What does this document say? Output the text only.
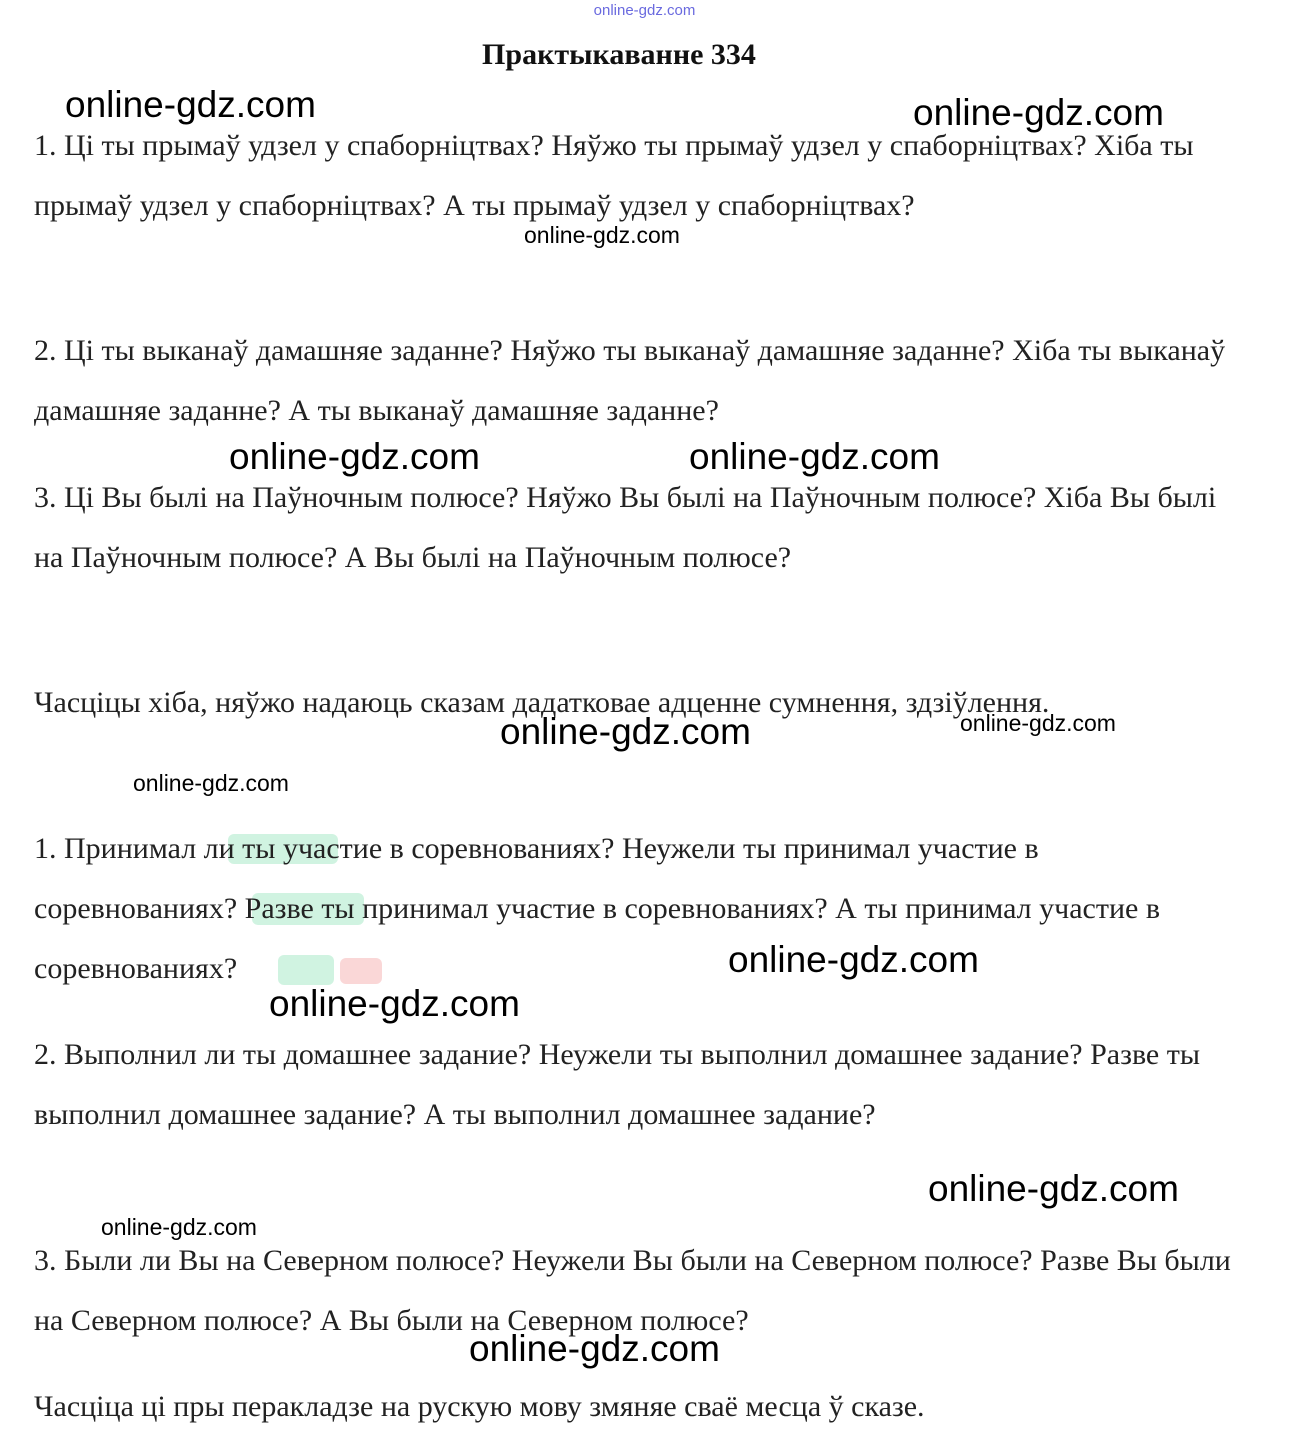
online-gdz.com
Практыкаванне 334
1. Ці ты прымаў удзел у спаборніцтвах? Няўжо ты прымаў удзел у спаборніцтвах? Хіба ты прымаў удзел у спаборніцтвах? А ты прымаў удзел у спаборніцтвах?
2. Ці ты выканаў дамашняе заданне? Няўжо ты выканаў дамашняе заданне? Хіба ты выканаў дамашняе заданне? А ты выканаў дамашняе заданне?
3. Ці Вы былі на Паўночным полюсе? Няўжо Вы былі на Паўночным полюсе? Хіба Вы былі на Паўночным полюсе? А Вы былі на Паўночным полюсе?
Часціцы хіба, няўжо надаюць сказам дадатковае адценне сумнення, здзіўлення.
1. Принимал ли ты участие в соревнованиях? Неужели ты принимал участие в соревнованиях? Разве ты принимал участие в соревнованиях? А ты принимал участие в соревнованиях?
2. Выполнил ли ты домашнее задание? Неужели ты выполнил домашнее задание? Разве ты выполнил домашнее задание? А ты выполнил домашнее задание?
3. Были ли Вы на Северном полюсе? Неужели Вы были на Северном полюсе? Разве Вы были на Северном полюсе? А Вы были на Северном полюсе?
Часціца ці пры перакладзе на рускую мову змяняе сваё месца ў сказе.
online-gdz.com	online-gdz.com
online-gdz.com
online-gdz.com	online-gdz.com
online-gdz.com
online-gdz.com
online-gdz.com
online-gdz.com
online-gdz.com
online-gdz.com
online-gdz.com
online-gdz.com
